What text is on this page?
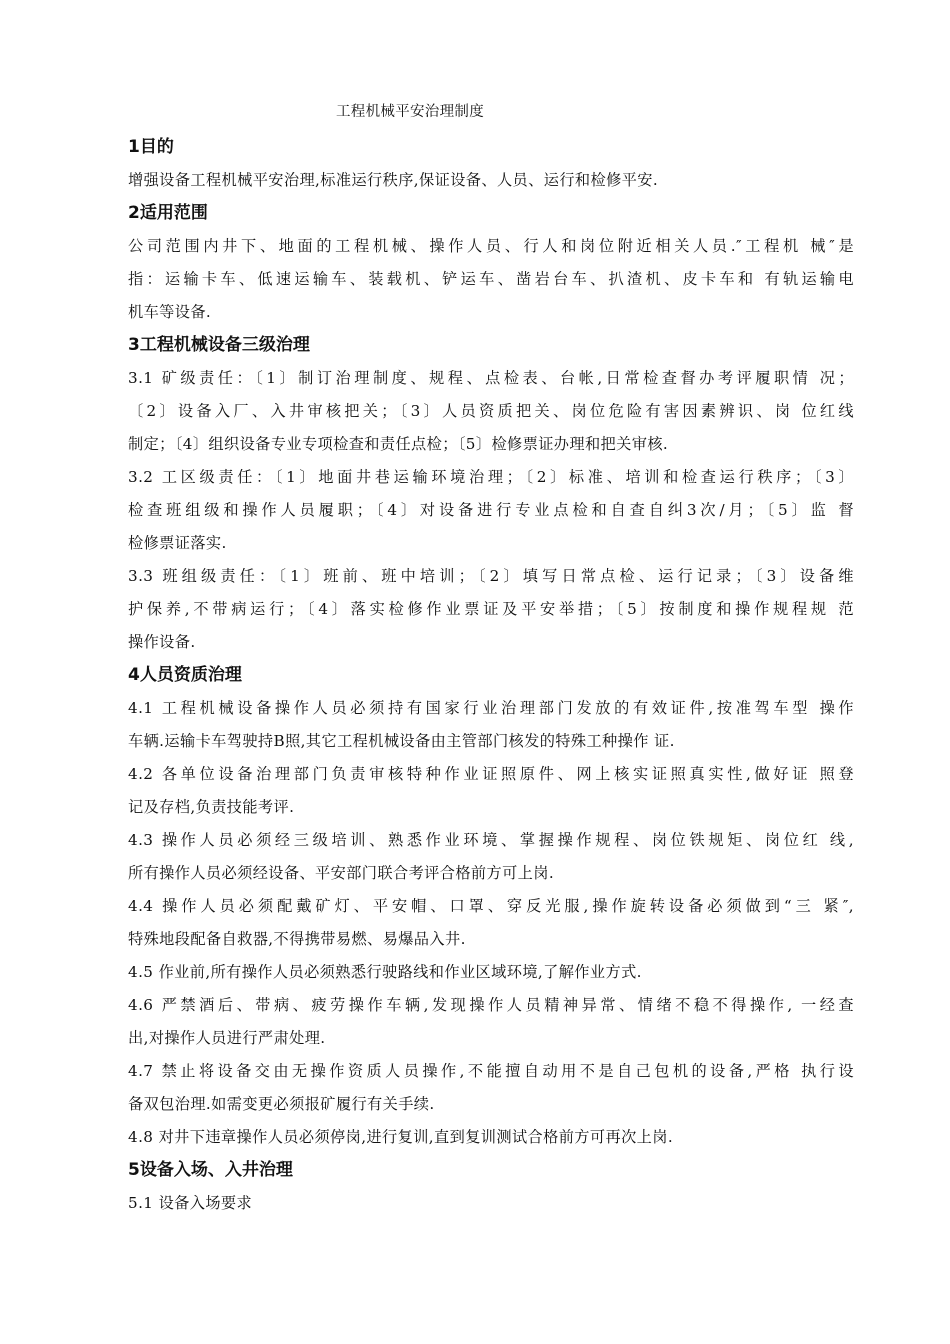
工程机械平安治理制度
1目的
增强设备工程机械平安治理,标准运行秩序,保证设备、人员、运行和检修平安.
2适用范围
公司范围内井下、地面的工程机械、操作人员、行人和岗位附近相关人员.″工程机 械″是
指：运输卡车、低速运输车、装载机、铲运车、凿岩台车、扒渣机、皮卡车和 有轨运输电
机车等设备.
3工程机械设备三级治理
3.1 矿级责任：〔1〕制订治理制度、规程、点检表、台帐,日常检查督办考评履职情 况；
〔2〕设备入厂、入井审核把关；〔3〕人员资质把关、岗位危险有害因素辨识、岗 位红线
制定；〔4〕组织设备专业专项检查和责任点检；〔5〕检修票证办理和把关审核.
3.2 工区级责任：〔1〕地面井巷运输环境治理；〔2〕标准、培训和检查运行秩序；〔3〕
检查班组级和操作人员履职；〔4〕对设备进行专业点检和自查自纠3次/月；〔5〕监 督
检修票证落实.
3.3 班组级责任：〔1〕班前、班中培训；〔2〕填写日常点检、运行记录；〔3〕设备维
护保养,不带病运行；〔4〕落实检修作业票证及平安举措；〔5〕按制度和操作规程规 范
操作设备.
4人员资质治理
4.1 工程机械设备操作人员必须持有国家行业治理部门发放的有效证件,按准驾车型 操作
车辆.运输卡车驾驶持B照,其它工程机械设备由主管部门核发的特殊工种操作 证.
4.2 各单位设备治理部门负责审核特种作业证照原件、网上核实证照真实性,做好证 照登
记及存档,负责技能考评.
4.3 操作人员必须经三级培训、熟悉作业环境、掌握操作规程、岗位铁规矩、岗位红 线,
所有操作人员必须经设备、平安部门联合考评合格前方可上岗.
4.4 操作人员必须配戴矿灯、平安帽、口罩、穿反光服,操作旋转设备必须做到“三 紧″,
特殊地段配备自救器,不得携带易燃、易爆品入井.
4.5 作业前,所有操作人员必须熟悉行驶路线和作业区域环境,了解作业方式.
4.6 严禁酒后、带病、疲劳操作车辆,发现操作人员精神异常、情绪不稳不得操作, 一经查
出,对操作人员进行严肃处理.
4.7 禁止将设备交由无操作资质人员操作,不能擅自动用不是自己包机的设备,严格 执行设
备双包治理.如需变更必须报矿履行有关手续.
4.8 对井下违章操作人员必须停岗,进行复训,直到复训测试合格前方可再次上岗.
5设备入场、入井治理
5.1 设备入场要求
